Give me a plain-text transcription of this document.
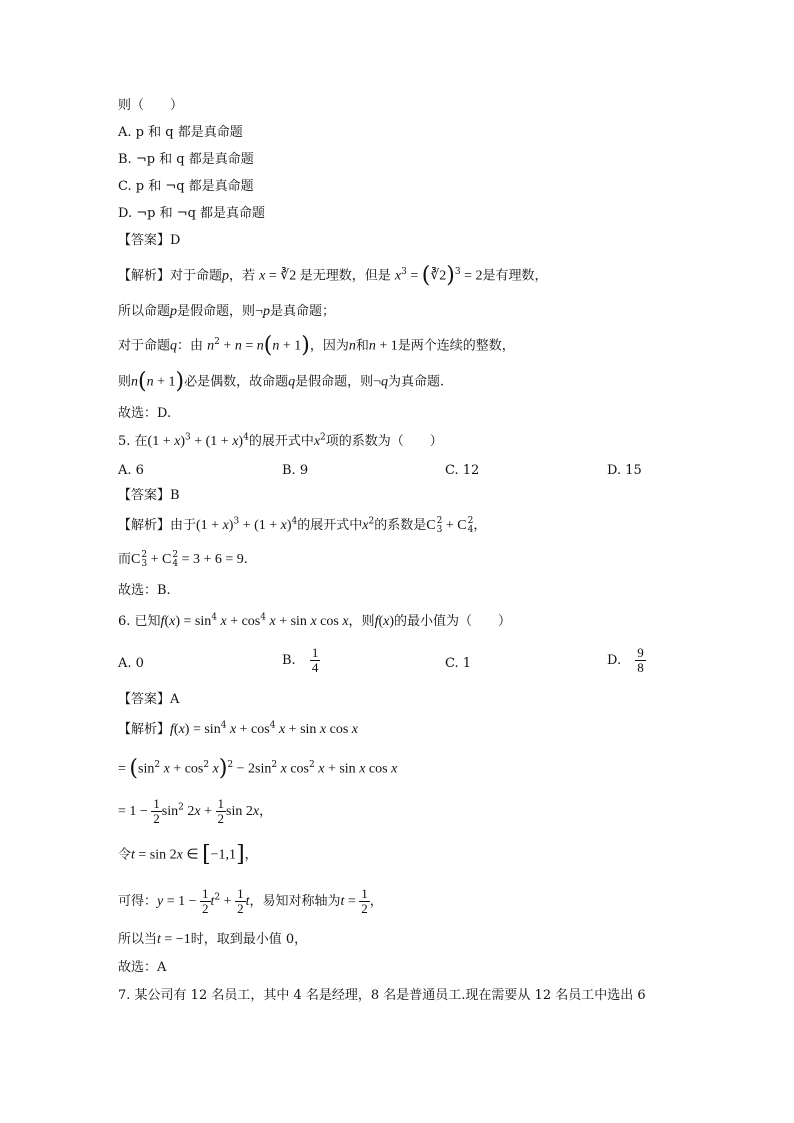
则（　　）
A. p 和 q 都是真命题
B. ¬p 和 q 都是真命题
C. p 和 ¬q 都是真命题
D. ¬p 和 ¬q 都是真命题
【答案】D
【解析】对于命题p，若 x = ∛2 是无理数，但是 $x^3$ = (∛2)$^3$ = 2是有理数，
所以命题p是假命题，则¬p是真命题；
对于命题q：由 $n^2 + n = n(n + 1)$，因为n和n + 1是两个连续的整数，
则n(n + 1)必是偶数，故命题q是假命题，则¬q为真命题.
故选：D.
5. 在$(1 + x)^3 + (1 + x)^4$的展开式中$x^2$项的系数为（　　）
A. 6	B. 9	C. 12	D. 15
【答案】B
【解析】由于$(1 + x)^3 + (1 + x)^4$的展开式中$x^2$的系数是C 2
3 + C 2
4 ，
而C 2
3 + C 2
4 = 3 + 6 = 9.
故选：B.
6. 已知$f(x) = \sin^4 x + \cos^4 x + \sin x$ cos x，则f(x)的最小值为（　　）
A. 0	B. $\frac{1}{4}$	C. 1	D. $\frac{9}{8}$
【答案】A
【解析】$f(x) = \sin^4 x + \cos^4 x + \sin x$ cos x
= ($\sin^2$ $x + \cos^2 x)^2 - 2\sin^2$ x $\cos^2 x + \sin x$ cos x
= $1 - \frac{1}{2} \sin^2 2x + \frac{1}{2}$ sin 2x，
令t = sin 2x ∈ [−1,1]，
可得：$y = 1 - \frac{1}{2} t^2 + \frac{1}{2}$ t，易知对称轴为$t = \frac{1}{2}$ ，
所以当t = −1时，取到最小值 0，
故选：A
7. 某公司有 12 名员工，其中 4 名是经理，8 名是普通员工.现在需要从 12 名员工中选出 6
